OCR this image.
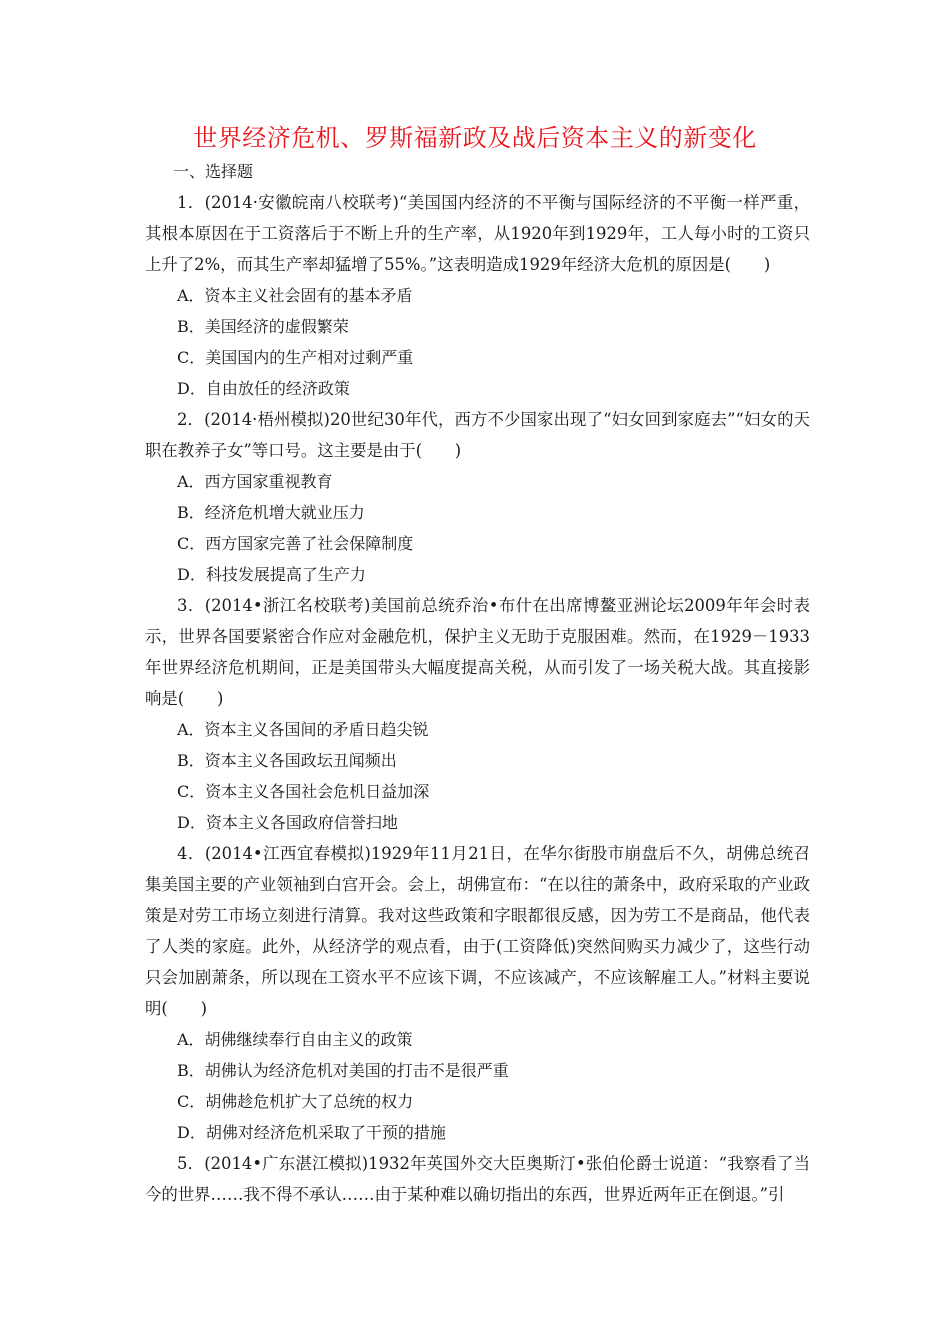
世界经济危机、罗斯福新政及战后资本主义的新变化

一、选择题

1．(2014·安徽皖南八校联考)“美国国内经济的不平衡与国际经济的不平衡一样严重，其根本原因在于工资落后于不断上升的生产率，从1920年到1929年，工人每小时的工资只上升了2%，而其生产率却猛增了55%。”这表明造成1929年经济大危机的原因是(　　)

A．资本主义社会固有的基本矛盾

B．美国经济的虚假繁荣

C．美国国内的生产相对过剩严重

D．自由放任的经济政策

2．(2014·梧州模拟)20世纪30年代，西方不少国家出现了“妇女回到家庭去”“妇女的天职在教养子女”等口号。这主要是由于(　　)

A．西方国家重视教育

B．经济危机增大就业压力

C．西方国家完善了社会保障制度

D．科技发展提高了生产力

3．(2014•浙江名校联考)美国前总统乔治•布什在出席博鳌亚洲论坛2009年年会时表示，世界各国要紧密合作应对金融危机，保护主义无助于克服困难。然而，在1929－1933年世界经济危机期间，正是美国带头大幅度提高关税，从而引发了一场关税大战。其直接影响是(　　)

A．资本主义各国间的矛盾日趋尖锐

B．资本主义各国政坛丑闻频出

C．资本主义各国社会危机日益加深

D．资本主义各国政府信誉扫地

4．(2014•江西宜春模拟)1929年11月21日，在华尔街股市崩盘后不久，胡佛总统召集美国主要的产业领袖到白宫开会。会上，胡佛宣布：“在以往的萧条中，政府采取的产业政策是对劳工市场立刻进行清算。我对这些政策和字眼都很反感，因为劳工不是商品，他代表了人类的家庭。此外，从经济学的观点看，由于(工资降低)突然间购买力减少了，这些行动只会加剧萧条，所以现在工资水平不应该下调，不应该减产，不应该解雇工人。”材料主要说明(　　)

A．胡佛继续奉行自由主义的政策

B．胡佛认为经济危机对美国的打击不是很严重

C．胡佛趁危机扩大了总统的权力

D．胡佛对经济危机采取了干预的措施

5．(2014•广东湛江模拟)1932年英国外交大臣奥斯汀•张伯伦爵士说道：“我察看了当今的世界……我不得不承认……由于某种难以确切指出的东西，世界近两年正在倒退。”引
